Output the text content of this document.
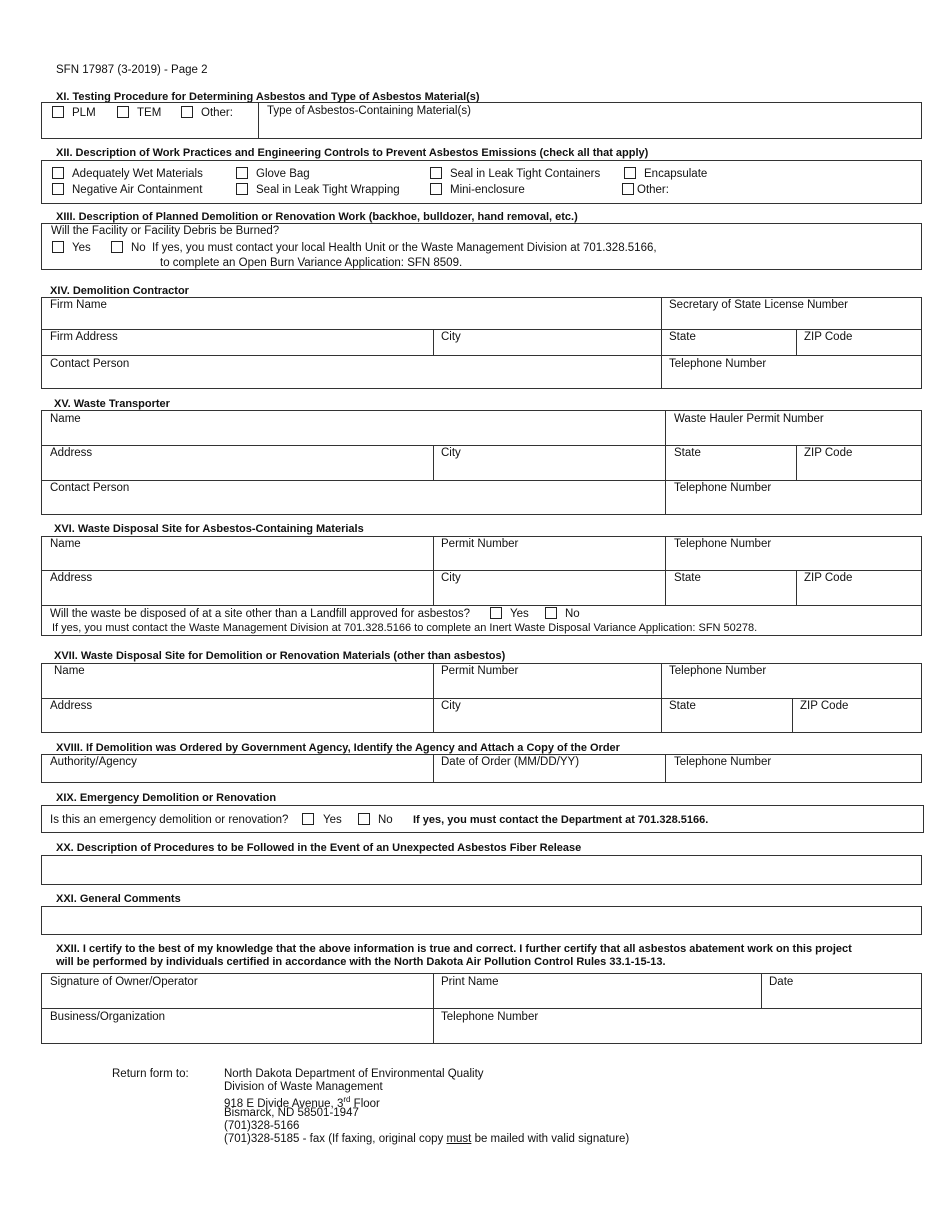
SFN 17987 (3-2019) - Page 2
XI. Testing Procedure for Determining Asbestos and Type of Asbestos Material(s)
PLM	TEM	Other:	Type of Asbestos-Containing Material(s)
XII. Description of Work Practices and Engineering Controls to Prevent Asbestos Emissions (check all that apply)
Adequately Wet Materials	Glove Bag	Seal in Leak Tight Containers	Encapsulate
Negative Air Containment	Seal in Leak Tight Wrapping	Mini-enclosure	Other:
XIII. Description of Planned Demolition or Renovation Work (backhoe, bulldozer, hand removal, etc.)
Will the Facility or Facility Debris be Burned?
Yes	No If yes, you must contact your local Health Unit or the Waste Management Division at 701.328.5166,
to complete an Open Burn Variance Application: SFN 8509.
XIV. Demolition Contractor
Firm Name	Secretary of State License Number
Firm Address	City	State	ZIP Code
Contact Person	Telephone Number
XV. Waste Transporter
Name	Waste Hauler Permit Number
Address	City	State	ZIP Code
Contact Person	Telephone Number
XVI. Waste Disposal Site for Asbestos-Containing Materials
Name	Permit Number	Telephone Number
Address	City	State	ZIP Code
Will the waste be disposed of at a site other than a Landfill approved for asbestos?	Yes	No
If yes, you must contact the Waste Management Division at 701.328.5166 to complete an Inert Waste Disposal Variance Application: SFN 50278.
XVII. Waste Disposal Site for Demolition or Renovation Materials (other than asbestos)
Name	Permit Number	Telephone Number
Address	City	State	ZIP Code
XVIII. If Demolition was Ordered by Government Agency, Identify the Agency and Attach a Copy of the Order
Authority/Agency	Date of Order (MM/DD/YY)	Telephone Number
XIX. Emergency Demolition or Renovation
Is this an emergency demolition or renovation?	Yes	No If yes, you must contact the Department at 701.328.5166.
XX. Description of Procedures to be Followed in the Event of an Unexpected Asbestos Fiber Release
XXI. General Comments
XXII. I certify to the best of my knowledge that the above information is true and correct. I further certify that all asbestos abatement work on this project
will be performed by individuals certified in accordance with the North Dakota Air Pollution Control Rules 33.1-15-13.
Signature of Owner/Operator	Print Name	Date
Business/Organization	Telephone Number
Return form to:	North Dakota Department of Environmental Quality
Division of Waste Management
918 E Divide Avenue, 3rd Floor
Bismarck, ND 58501-1947
(701)328-5166
(701)328-5185 - fax (If faxing, original copy must be mailed with valid signature)
